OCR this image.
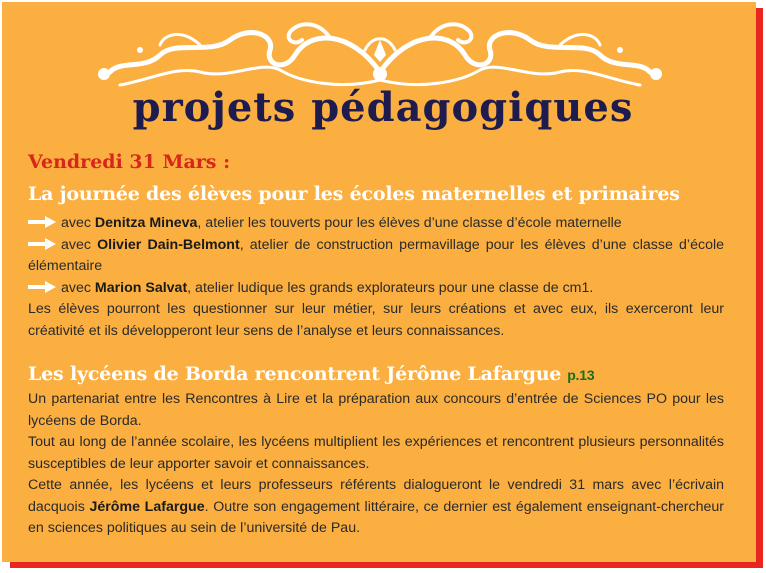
projets pédagogiques
Vendredi 31 Mars :
La journée des élèves pour les écoles maternelles et primaires
avec Denitza Mineva, atelier les touverts pour les élèves d’une classe d’école maternelle
avec Olivier Dain-Belmont, atelier de construction permavillage pour les élèves d’une classe d’école élémentaire
avec Marion Salvat, atelier ludique les grands explorateurs pour une classe de cm1.
Les élèves pourront les questionner sur leur métier, sur leurs créations et avec eux, ils exerceront leur créativité et ils développeront leur sens de l’analyse et leurs connaissances.
Les lycéens de Borda rencontrent Jérôme Lafargue p.13
Un partenariat entre les Rencontres à Lire et la préparation aux concours d’entrée de Sciences PO pour les lycéens de Borda.
Tout au long de l’année scolaire, les lycéens multiplient les expériences et rencontrent plusieurs personnalités susceptibles de leur apporter savoir et connaissances.
Cette année, les lycéens et leurs professeurs référents dialogueront le vendredi 31 mars avec l’écrivain dacquois Jérôme Lafargue. Outre son engagement littéraire, ce dernier est également enseignant-chercheur en sciences politiques au sein de l’université de Pau.
